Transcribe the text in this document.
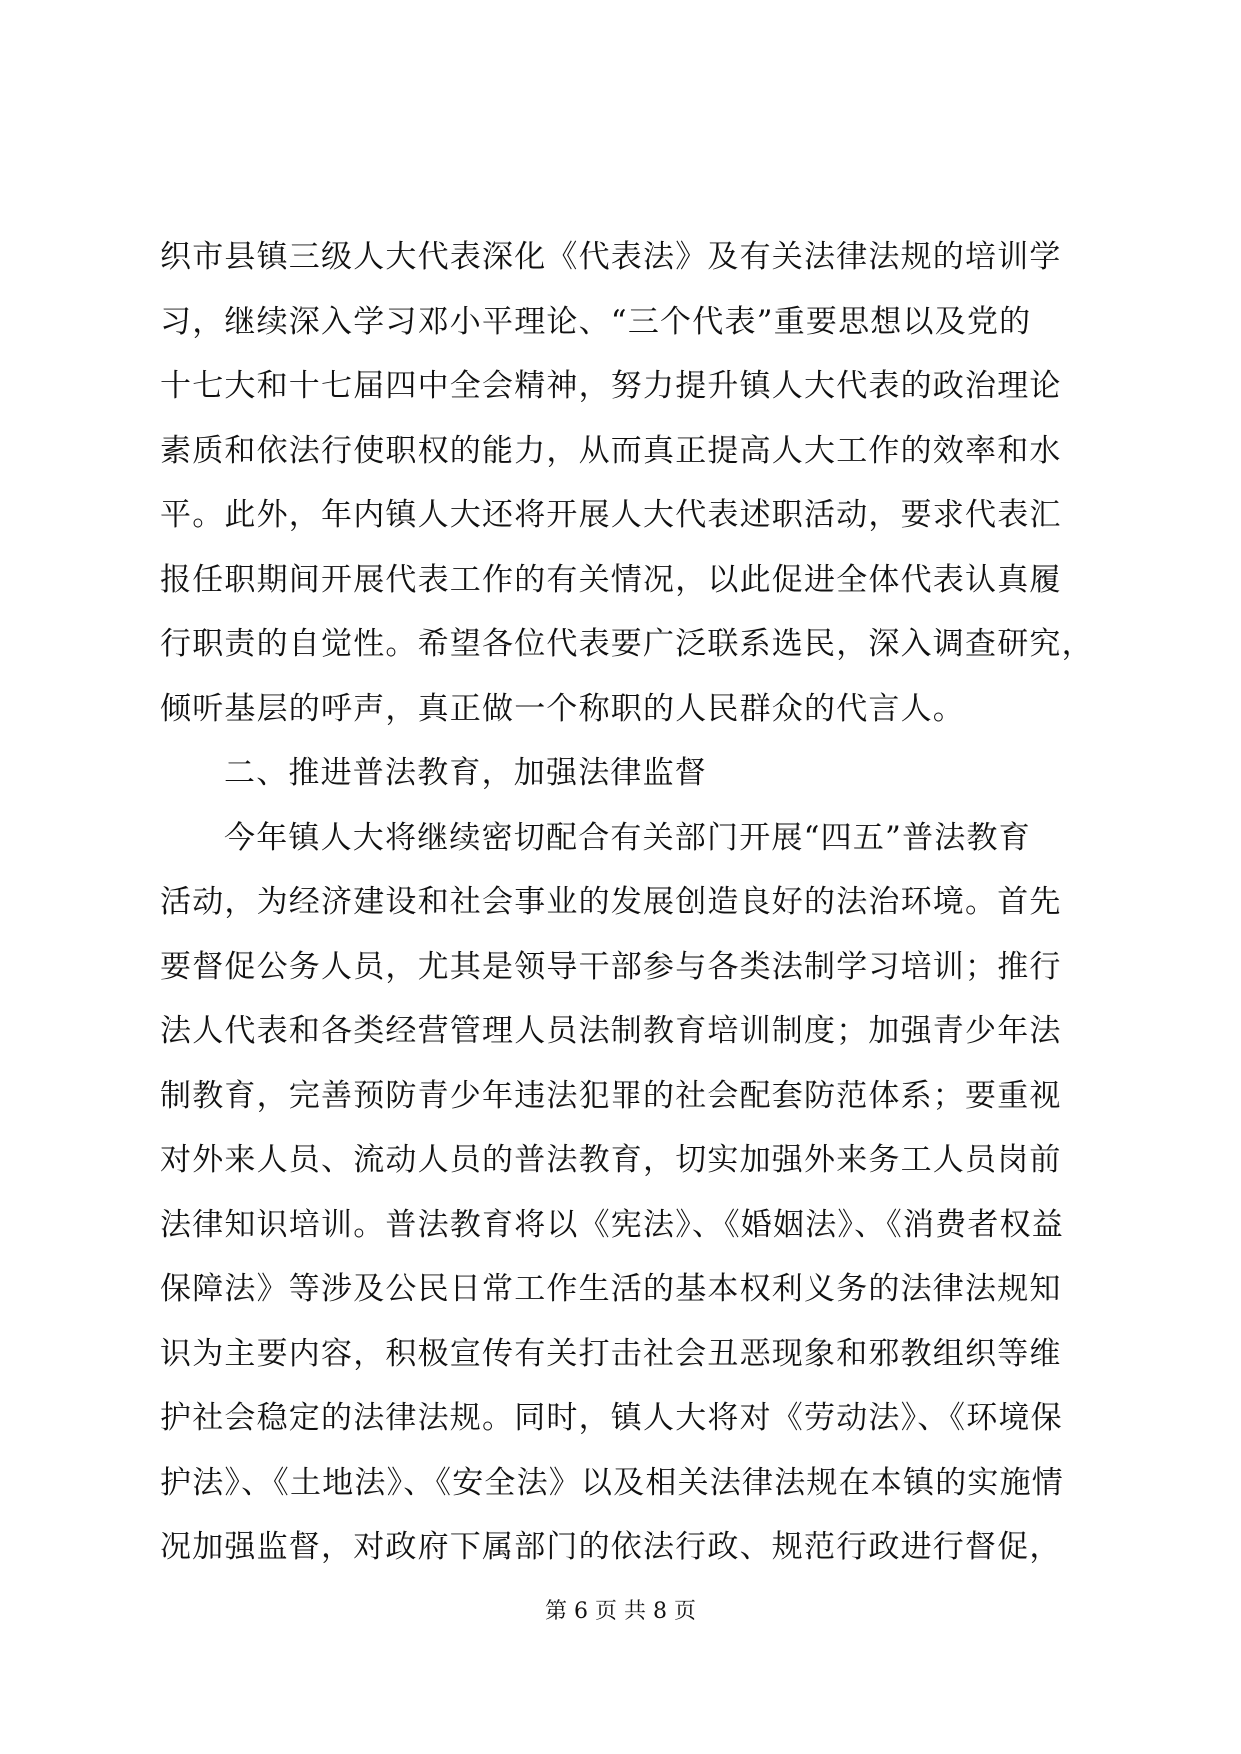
织市县镇三级人大代表深化《代表法》及有关法律法规的培训学
习，继续深入学习邓小平理论、“三个代表”重要思想以及党的
十七大和十七届四中全会精神，努力提升镇人大代表的政治理论
素质和依法行使职权的能力，从而真正提高人大工作的效率和水
平。此外，年内镇人大还将开展人大代表述职活动，要求代表汇
报任职期间开展代表工作的有关情况，以此促进全体代表认真履
行职责的自觉性。希望各位代表要广泛联系选民，深入调查研究，
倾听基层的呼声，真正做一个称职的人民群众的代言人。
二、推进普法教育，加强法律监督
今年镇人大将继续密切配合有关部门开展“四五”普法教育
活动，为经济建设和社会事业的发展创造良好的法治环境。首先
要督促公务人员，尤其是领导干部参与各类法制学习培训；推行
法人代表和各类经营管理人员法制教育培训制度；加强青少年法
制教育，完善预防青少年违法犯罪的社会配套防范体系；要重视
对外来人员、流动人员的普法教育，切实加强外来务工人员岗前
法律知识培训。普法教育将以《宪法》、《婚姻法》、《消费者权益
保障法》等涉及公民日常工作生活的基本权利义务的法律法规知
识为主要内容，积极宣传有关打击社会丑恶现象和邪教组织等维
护社会稳定的法律法规。同时，镇人大将对《劳动法》、《环境保
护法》、《土地法》、《安全法》以及相关法律法规在本镇的实施情
况加强监督，对政府下属部门的依法行政、规范行政进行督促，
第 6 页 共 8 页
